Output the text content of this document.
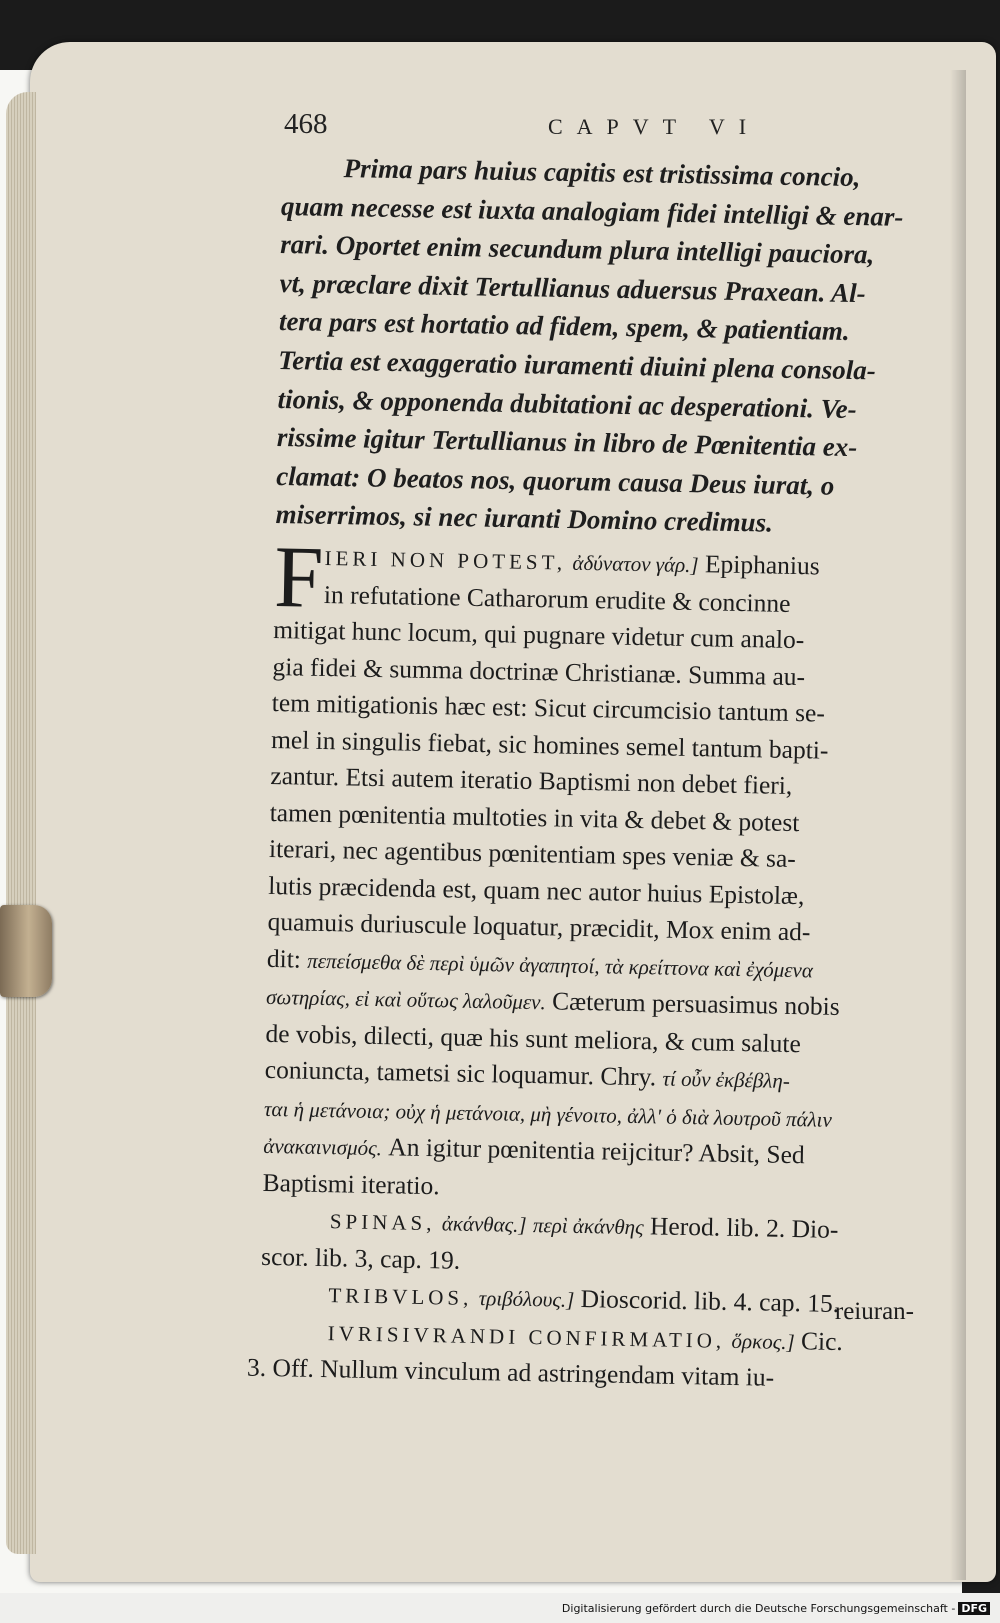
468	CAPVT VI
Prima pars huius capitis est tristissima concio,
quam necesse est iuxta analogiam fidei intelligi & enar-
rari. Oportet enim secundum plura intelligi pauciora,
vt, præclare dixit Tertullianus aduersus Praxean. Al-
tera pars est hortatio ad fidem, spem, & patientiam.
Tertia est exaggeratio iuramenti diuini plena consola-
tionis, & opponenda dubitationi ac desperationi. Ve-
rissime igitur Tertullianus in libro de Pœnitentia ex-
clamat: O beatos nos, quorum causa Deus iurat, o
miserrimos, si nec iuranti Domino credimus.
F IERI NON POTEST, ἀδύνατον γάρ.] Epiphanius
in refutatione Catharorum erudite & concinne
mitigat hunc locum, qui pugnare videtur cum analo-
gia fidei & summa doctrinæ Christianæ. Summa au-
tem mitigationis hæc est: Sicut circumcisio tantum se-
mel in singulis fiebat, sic homines semel tantum bapti-
zantur. Etsi autem iteratio Baptismi non debet fieri,
tamen pœnitentia multoties in vita & debet & potest
iterari, nec agentibus pœnitentiam spes veniæ & sa-
lutis præcidenda est, quam nec autor huius Epistolæ,
quamuis duriuscule loquatur, præcidit, Mox enim ad-
dit: πεπείσμεθα δὲ περὶ ὑμῶν ἀγαπητοί, τὰ κρείττονα καὶ ἐχόμενα
σωτηρίας, εἰ καὶ οὕτως λαλοῦμεν. Cæterum persuasimus nobis
de vobis, dilecti, quæ his sunt meliora, & cum salute
coniuncta, tametsi sic loquamur. Chry. τί οὖν ἐκβέβλη-
ται ἡ μετάνοια; οὐχ ἡ μετάνοια, μὴ γένοιτο, ἀλλ' ὁ διὰ λουτροῦ πάλιν
ἀνακαινισμός. An igitur pœnitentia reijcitur? Absit, Sed
Baptismi iteratio.
SPINAS, ἀκάνθας.] περὶ ἀκάνθης Herod. lib. 2. Dio-
scor. lib. 3, cap. 19.
TRIBVLOS, τριβόλους.] Dioscorid. lib. 4. cap. 15.
IVRISIVRANDI CONFIRMATIO, ὅρκος.] Cic.
3. Off. Nullum vinculum ad astringendam vitam iu-
reiuran-
Digitalisierung gefördert durch die Deutsche Forschungsgemeinschaft - DFG
